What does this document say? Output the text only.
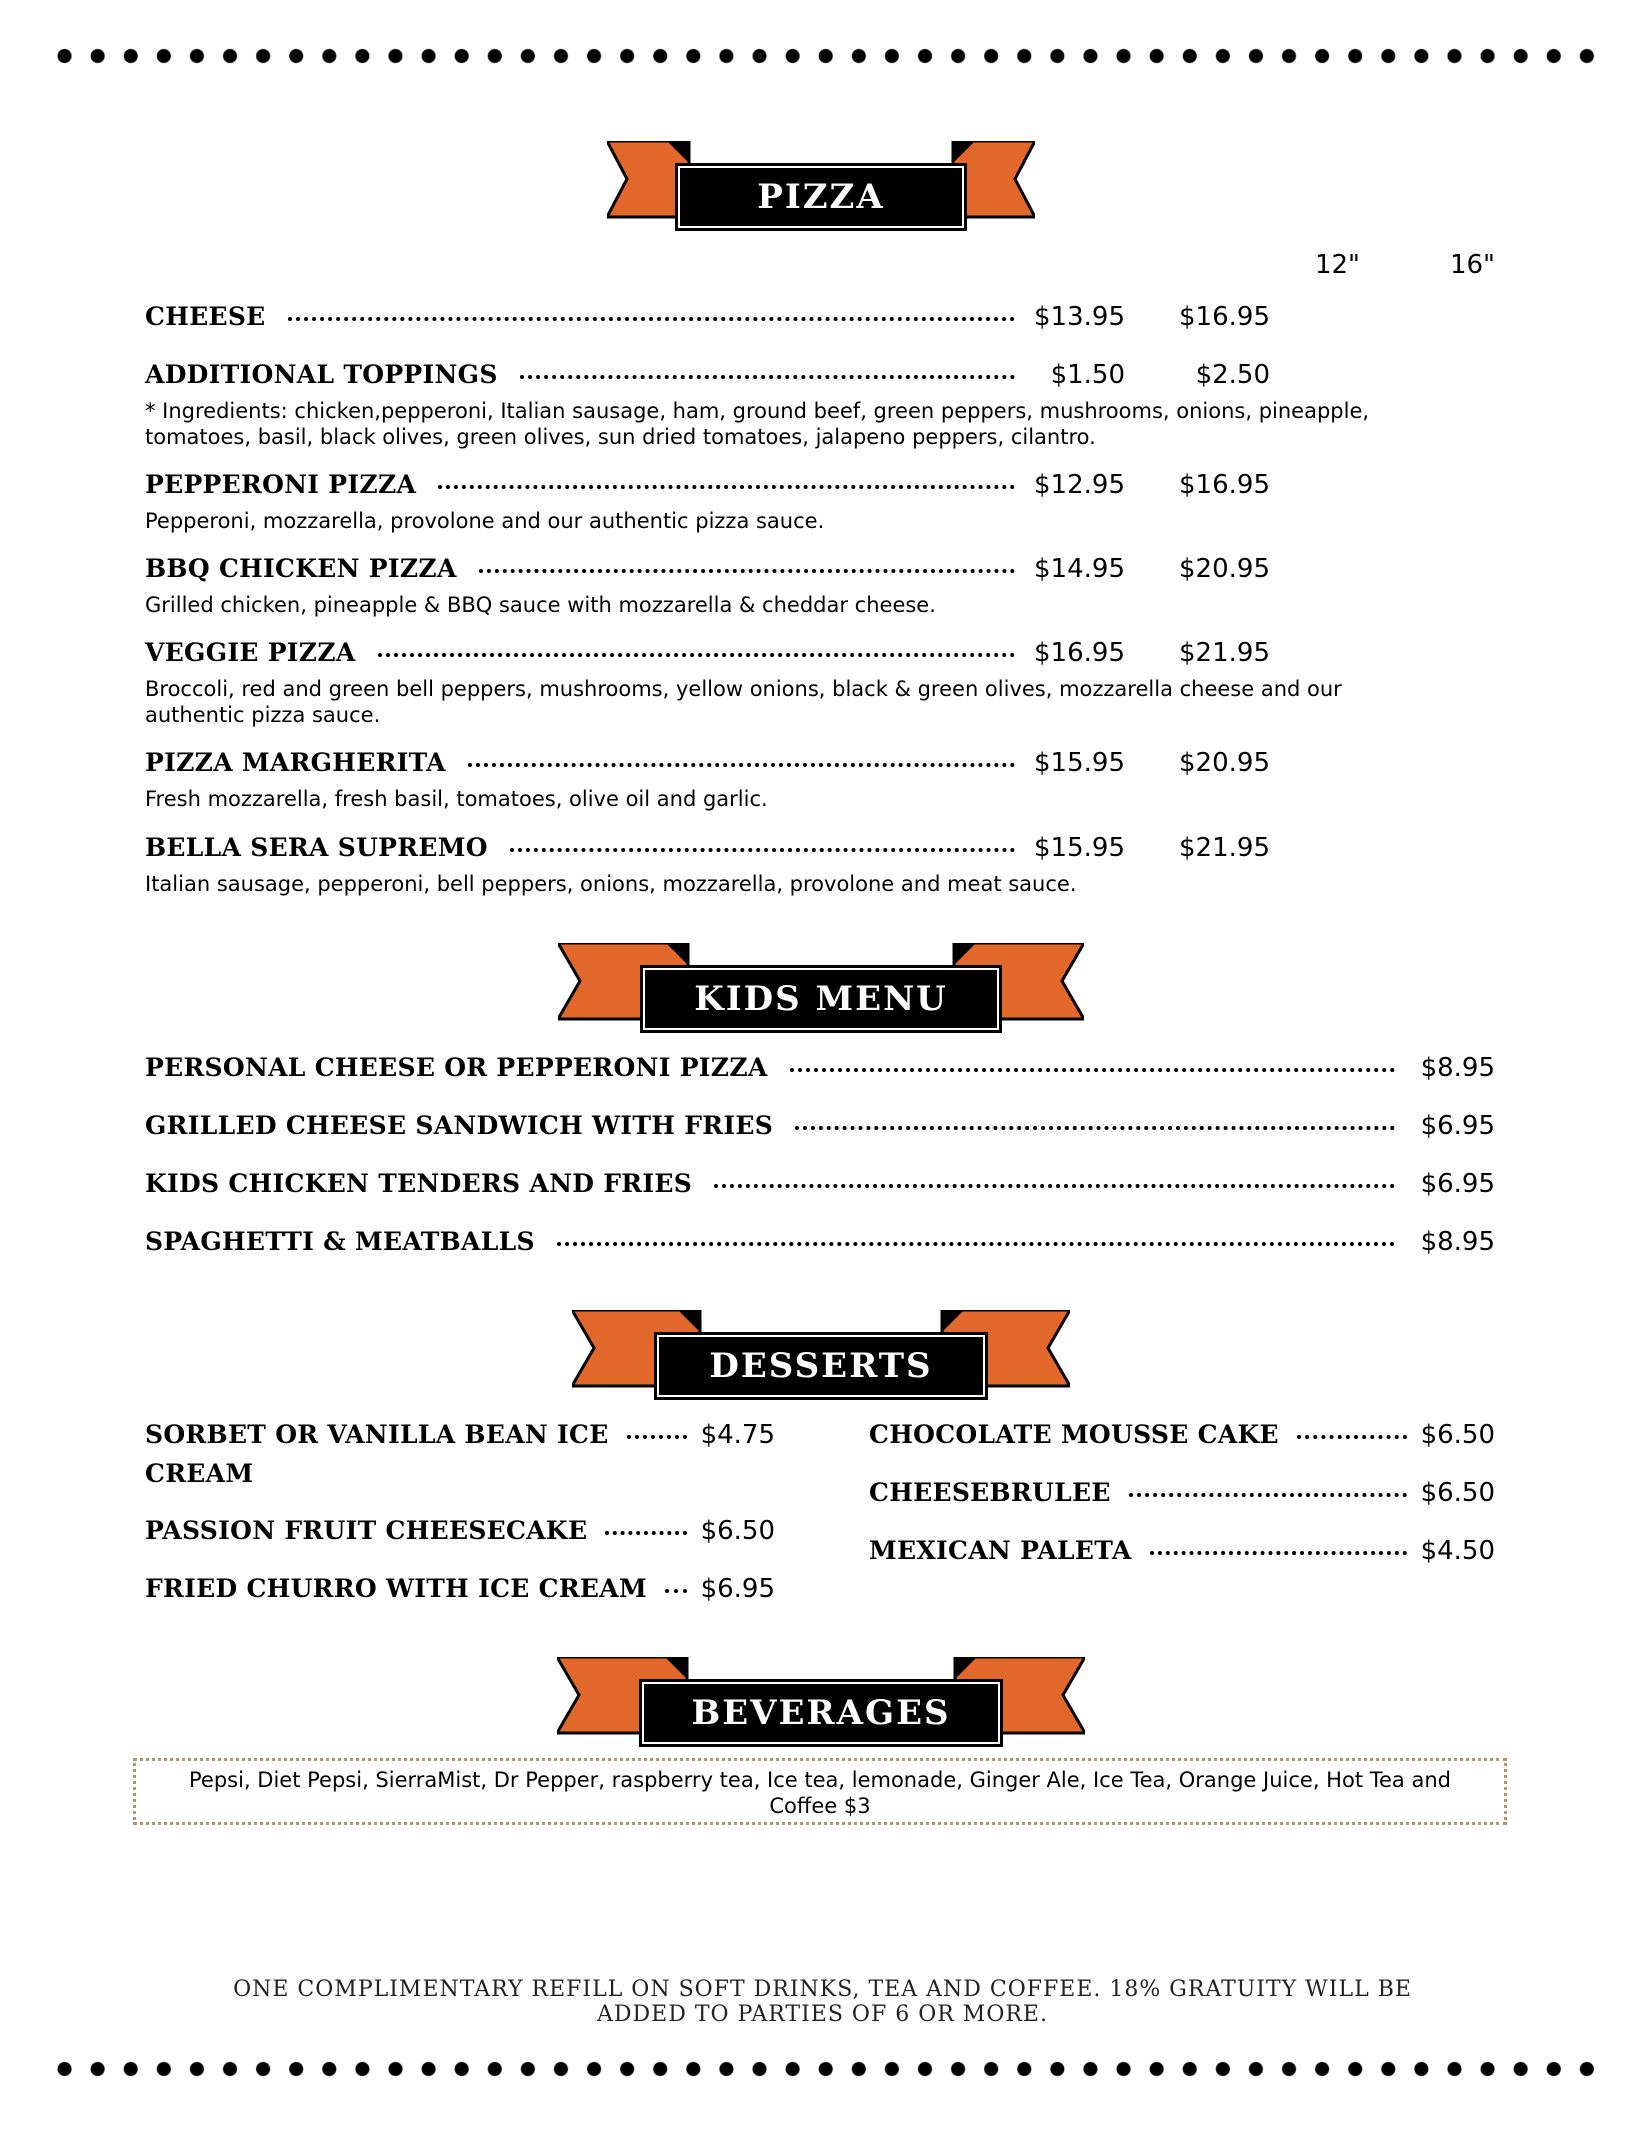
PIZZA
12"	16"
CHEESE	$13.95	$16.95
ADDITIONAL TOPPINGS	$1.50	$2.50
* Ingredients: chicken,pepperoni, Italian sausage, ham, ground beef, green peppers, mushrooms, onions, pineapple, tomatoes, basil, black olives, green olives, sun dried tomatoes, jalapeno peppers, cilantro.
PEPPERONI PIZZA	$12.95	$16.95
Pepperoni, mozzarella, provolone and our authentic pizza sauce.
BBQ CHICKEN PIZZA	$14.95	$20.95
Grilled chicken, pineapple & BBQ sauce with mozzarella & cheddar cheese.
VEGGIE PIZZA	$16.95	$21.95
Broccoli, red and green bell peppers, mushrooms, yellow onions, black & green olives, mozzarella cheese and our authentic pizza sauce.
PIZZA MARGHERITA	$15.95	$20.95
Fresh mozzarella, fresh basil, tomatoes, olive oil and garlic.
BELLA SERA SUPREMO	$15.95	$21.95
Italian sausage, pepperoni, bell peppers, onions, mozzarella, provolone and meat sauce.
KIDS MENU
PERSONAL CHEESE OR PEPPERONI PIZZA	$8.95
GRILLED CHEESE SANDWICH WITH FRIES	$6.95
KIDS CHICKEN TENDERS AND FRIES	$6.95
SPAGHETTI & MEATBALLS	$8.95
DESSERTS
SORBET OR VANILLA BEAN ICE	$4.75
CREAM
PASSION FRUIT CHEESECAKE	$6.50
FRIED CHURRO WITH ICE CREAM $6.95
CHOCOLATE MOUSSE CAKE	$6.50
CHEESEBRULEE	$6.50
MEXICAN PALETA	$4.50
BEVERAGES
Pepsi, Diet Pepsi, SierraMist, Dr Pepper, raspberry tea, Ice tea, lemonade, Ginger Ale, Ice Tea, Orange Juice, Hot Tea and
Coffee $3
ONE COMPLIMENTARY REFILL ON SOFT DRINKS, TEA AND COFFEE. 18% GRATUITY WILL BE
ADDED TO PARTIES OF 6 OR MORE.
